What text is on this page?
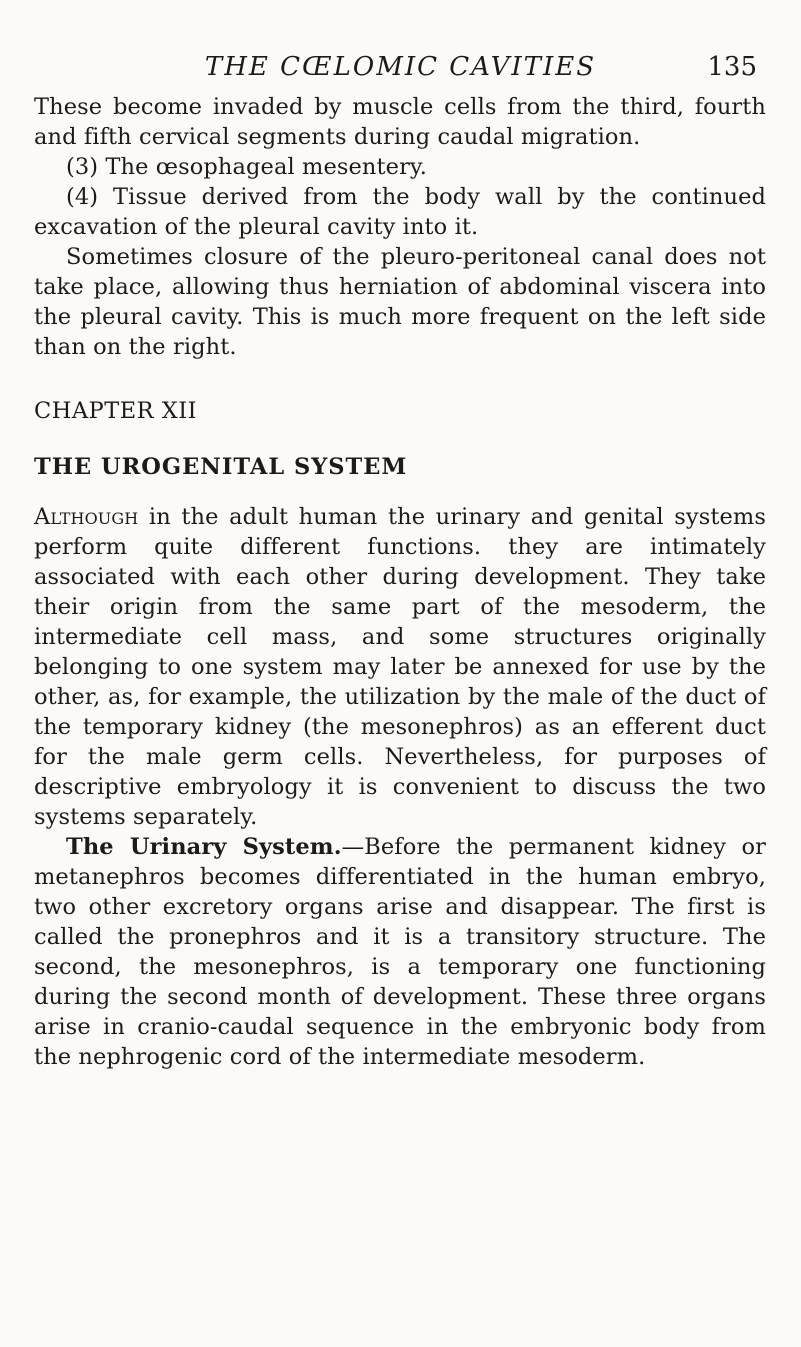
THE CŒLOMIC CAVITIES	135

These become invaded by muscle cells from the third, fourth and fifth cervical segments during caudal migration.

(3) The œsophageal mesentery.

(4) Tissue derived from the body wall by the continued excavation of the pleural cavity into it.

Sometimes closure of the pleuro-peritoneal canal does not take place, allowing thus herniation of abdominal viscera into the pleural cavity. This is much more frequent on the left side than on the right.

CHAPTER XII

THE UROGENITAL SYSTEM

Although in the adult human the urinary and genital systems perform quite different functions. they are intimately associated with each other during development. They take their origin from the same part of the mesoderm, the intermediate cell mass, and some structures originally belonging to one system may later be annexed for use by the other, as, for example, the utilization by the male of the duct of the temporary kidney (the mesonephros) as an efferent duct for the male germ cells. Nevertheless, for purposes of descriptive embryology it is convenient to discuss the two systems separately.

The Urinary System.—Before the permanent kidney or metanephros becomes differentiated in the human embryo, two other excretory organs arise and disappear. The first is called the pronephros and it is a transitory structure. The second, the mesonephros, is a temporary one functioning during the second month of development. These three organs arise in cranio-caudal sequence in the embryonic body from the nephrogenic cord of the intermediate mesoderm.
